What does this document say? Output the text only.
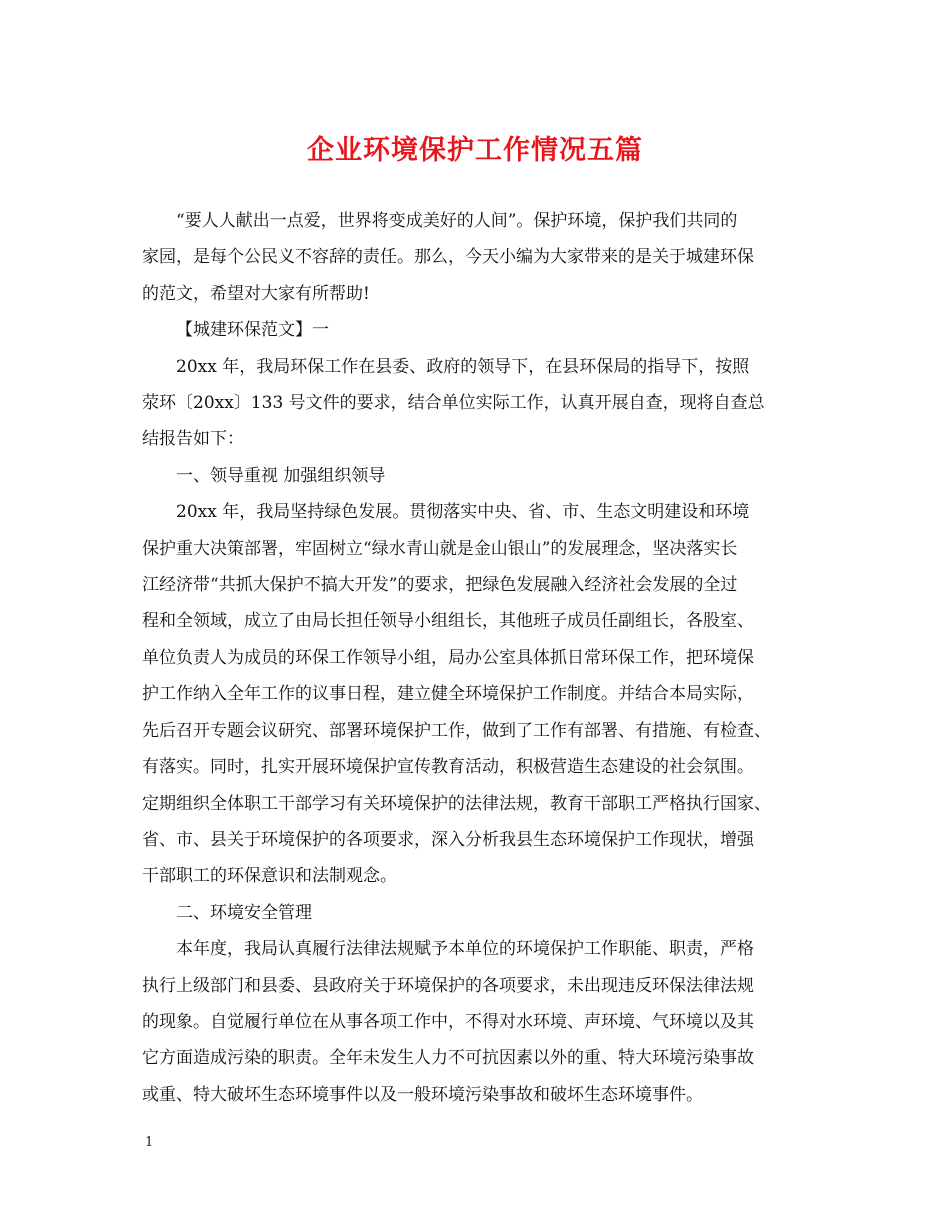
企业环境保护工作情况五篇

“要人人献出一点爱，世界将变成美好的人间”。保护环境，保护我们共同的

家园，是每个公民义不容辞的责任。那么，今天小编为大家带来的是关于城建环保

的范文，希望对大家有所帮助!

【城建环保范文】一

20xx 年，我局环保工作在县委、政府的领导下，在县环保局的指导下，按照

荥环〔20xx〕133 号文件的要求，结合单位实际工作，认真开展自查，现将自查总

结报告如下：

一、领导重视 加强组织领导

20xx 年，我局坚持绿色发展。贯彻落实中央、省、市、生态文明建设和环境

保护重大决策部署，牢固树立“绿水青山就是金山银山”的发展理念，坚决落实长

江经济带“共抓大保护不搞大开发”的要求，把绿色发展融入经济社会发展的全过

程和全领域，成立了由局长担任领导小组组长，其他班子成员任副组长，各股室、

单位负责人为成员的环保工作领导小组，局办公室具体抓日常环保工作，把环境保

护工作纳入全年工作的议事日程，建立健全环境保护工作制度。并结合本局实际，

先后召开专题会议研究、部署环境保护工作，做到了工作有部署、有措施、有检查、

有落实。同时，扎实开展环境保护宣传教育活动，积极营造生态建设的社会氛围。

定期组织全体职工干部学习有关环境保护的法律法规，教育干部职工严格执行国家、

省、市、县关于环境保护的各项要求，深入分析我县生态环境保护工作现状，增强

干部职工的环保意识和法制观念。

二、环境安全管理

本年度，我局认真履行法律法规赋予本单位的环境保护工作职能、职责，严格

执行上级部门和县委、县政府关于环境保护的各项要求，未出现违反环保法律法规

的现象。自觉履行单位在从事各项工作中，不得对水环境、声环境、气环境以及其

它方面造成污染的职责。全年未发生人力不可抗因素以外的重、特大环境污染事故

或重、特大破坏生态环境事件以及一般环境污染事故和破坏生态环境事件。

1
